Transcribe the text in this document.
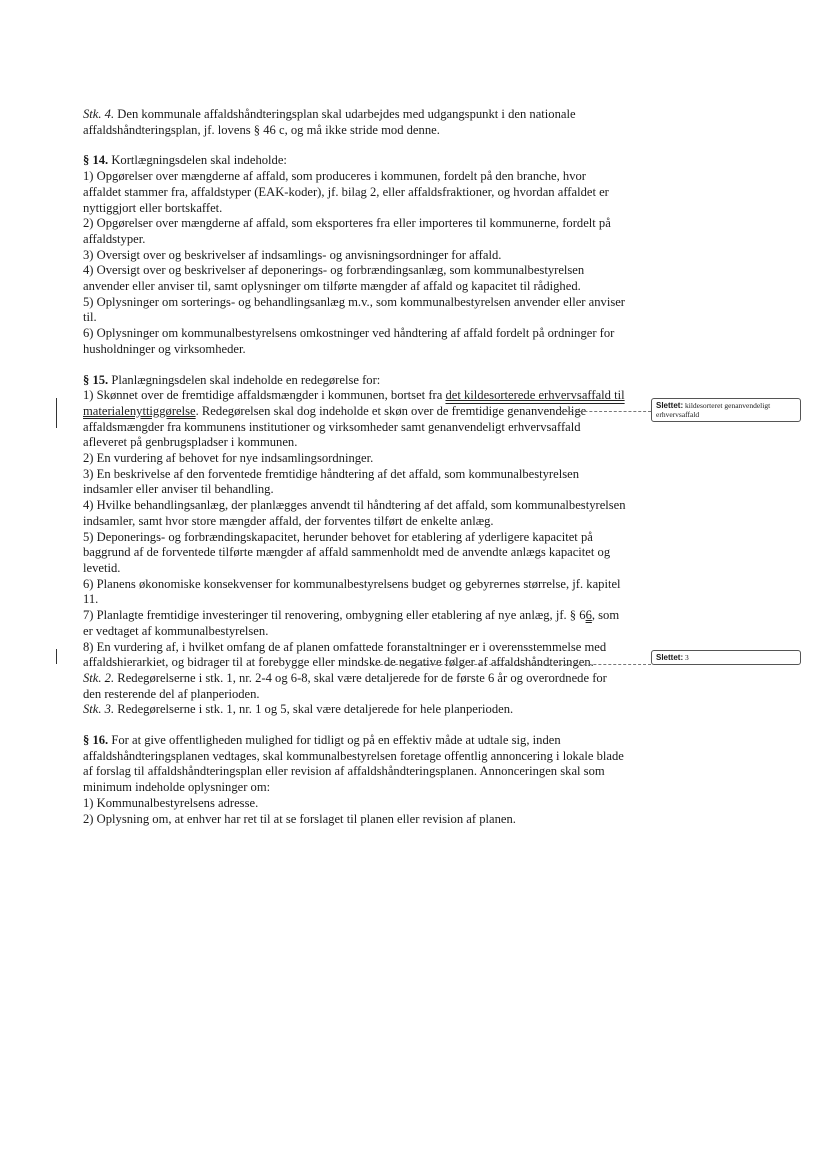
Stk. 4. Den kommunale affaldshåndteringsplan skal udarbejdes med udgangspunkt i den nationale affaldshåndteringsplan, jf. lovens § 46 c, og må ikke stride mod denne.

§ 14. Kortlægningsdelen skal indeholde:

1) Opgørelser over mængderne af affald, som produceres i kommunen, fordelt på den branche, hvor affaldet stammer fra, affaldstyper (EAK-koder), jf. bilag 2, eller affaldsfraktioner, og hvordan affaldet er nyttiggjort eller bortskaffet.

2) Opgørelser over mængderne af affald, som eksporteres fra eller importeres til kommunerne, fordelt på affaldstyper.

3) Oversigt over og beskrivelser af indsamlings- og anvisningsordninger for affald.

4) Oversigt over og beskrivelser af deponerings- og forbrændingsanlæg, som kommunalbestyrelsen anvender eller anviser til, samt oplysninger om tilførte mængder af affald og kapacitet til rådighed.

5) Oplysninger om sorterings- og behandlingsanlæg m.v., som kommunalbestyrelsen anvender eller anviser til.

6) Oplysninger om kommunalbestyrelsens omkostninger ved håndtering af affald fordelt på ordninger for husholdninger og virksomheder.

§ 15. Planlægningsdelen skal indeholde en redegørelse for:

1) Skønnet over de fremtidige affaldsmængder i kommunen, bortset fra det kildesorterede erhvervsaffald til materialenyttiggørelse. Redegørelsen skal dog indeholde et skøn over de fremtidige genanvendelige affaldsmængder fra kommunens institutioner og virksomheder samt genanvendeligt erhvervsaffald afleveret på genbrugspladser i kommunen.

2) En vurdering af behovet for nye indsamlingsordninger.

3) En beskrivelse af den forventede fremtidige håndtering af det affald, som kommunalbestyrelsen indsamler eller anviser til behandling.

4) Hvilke behandlingsanlæg, der planlægges anvendt til håndtering af det affald, som kommunalbestyrelsen indsamler, samt hvor store mængder affald, der forventes tilført de enkelte anlæg.

5) Deponerings- og forbrændingskapacitet, herunder behovet for etablering af yderligere kapacitet på baggrund af de forventede tilførte mængder af affald sammenholdt med de anvendte anlægs kapacitet og levetid.

6) Planens økonomiske konsekvenser for kommunalbestyrelsens budget og gebyrernes størrelse, jf. kapitel 11.

7) Planlagte fremtidige investeringer til renovering, ombygning eller etablering af nye anlæg, jf. § 66, som er vedtaget af kommunalbestyrelsen.

8) En vurdering af, i hvilket omfang de af planen omfattede foranstaltninger er i overensstemmelse med affaldshierarkiet, og bidrager til at forebygge eller mindske de negative følger af affaldshåndteringen.

Stk. 2. Redegørelserne i stk. 1, nr. 2-4 og 6-8, skal være detaljerede for de første 6 år og overordnede for den resterende del af planperioden.

Stk. 3. Redegørelserne i stk. 1, nr. 1 og 5, skal være detaljerede for hele planperioden.

§ 16. For at give offentligheden mulighed for tidligt og på en effektiv måde at udtale sig, inden affaldshåndteringsplanen vedtages, skal kommunalbestyrelsen foretage offentlig annoncering i lokale blade af forslag til affaldshåndteringsplan eller revision af affaldshåndteringsplanen. Annonceringen skal som minimum indeholde oplysninger om:

1) Kommunalbestyrelsens adresse.

2) Oplysning om, at enhver har ret til at se forslaget til planen eller revision af planen.

Slettet: kildesorteret genanvendeligt erhvervsaffald
Slettet: 3
